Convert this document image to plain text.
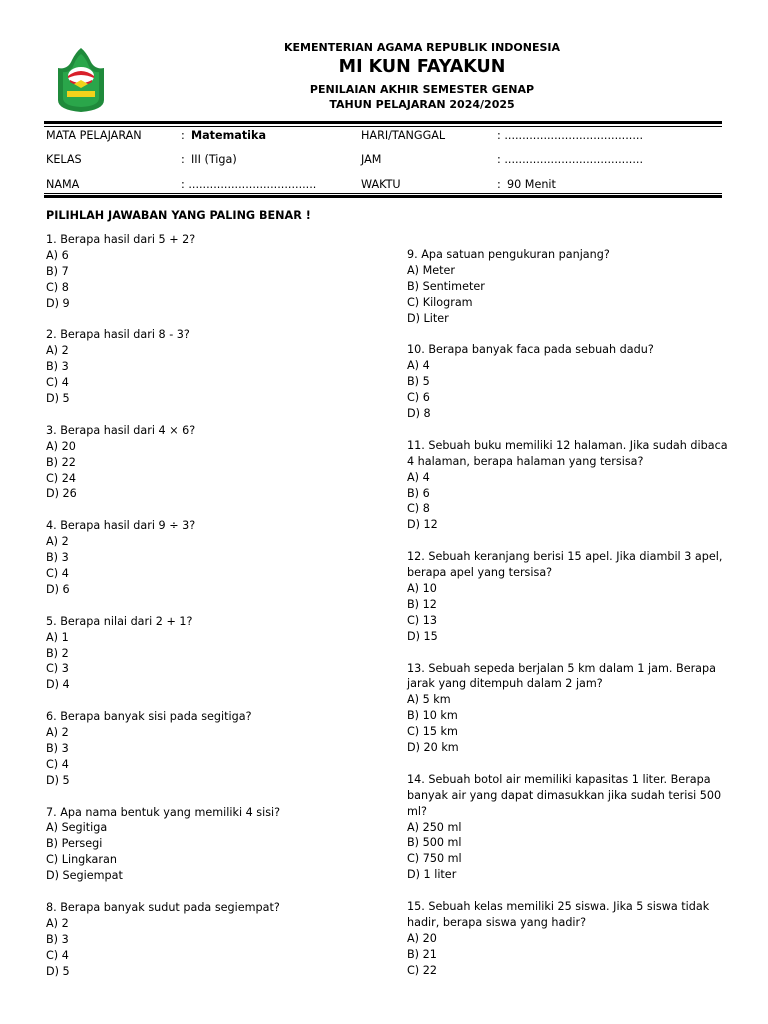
KEMENTERIAN AGAMA REPUBLIK INDONESIA
MI KUN FAYAKUN
PENILAIAN AKHIR SEMESTER GENAP
TAHUN PELAJARAN 2024/2025
MATA PELAJARAN	: Matematika	HARI/TANGGAL	: .......................................
KELAS	: III (Tiga)	JAM	: .......................................
NAMA	: ....................................	WAKTU	: 90 Menit
PILIHLAH JAWABAN YANG PALING BENAR !
1. Berapa hasil dari 5 + 2?
A) 6
B) 7
C) 8
D) 9
2. Berapa hasil dari 8 - 3?
A) 2
B) 3
C) 4
D) 5
3. Berapa hasil dari 4 × 6?
A) 20
B) 22
C) 24
D) 26
4. Berapa hasil dari 9 ÷ 3?
A) 2
B) 3
C) 4
D) 6
5. Berapa nilai dari 2 + 1?
A) 1
B) 2
C) 3
D) 4
6. Berapa banyak sisi pada segitiga?
A) 2
B) 3
C) 4
D) 5
7. Apa nama bentuk yang memiliki 4 sisi?
A) Segitiga
B) Persegi
C) Lingkaran
D) Segiempat
8. Berapa banyak sudut pada segiempat?
A) 2
B) 3
C) 4
D) 5
9. Apa satuan pengukuran panjang?
A) Meter
B) Sentimeter
C) Kilogram
D) Liter
10. Berapa banyak faca pada sebuah dadu?
A) 4
B) 5
C) 6
D) 8
11. Sebuah buku memiliki 12 halaman. Jika sudah dibaca 4 halaman, berapa halaman yang tersisa?
A) 4
B) 6
C) 8
D) 12
12. Sebuah keranjang berisi 15 apel. Jika diambil 3 apel, berapa apel yang tersisa?
A) 10
B) 12
C) 13
D) 15
13. Sebuah sepeda berjalan 5 km dalam 1 jam. Berapa jarak yang ditempuh dalam 2 jam?
A) 5 km
B) 10 km
C) 15 km
D) 20 km
14. Sebuah botol air memiliki kapasitas 1 liter. Berapa banyak air yang dapat dimasukkan jika sudah terisi 500 ml?
A) 250 ml
B) 500 ml
C) 750 ml
D) 1 liter
15. Sebuah kelas memiliki 25 siswa. Jika 5 siswa tidak hadir, berapa siswa yang hadir?
A) 20
B) 21
C) 22
